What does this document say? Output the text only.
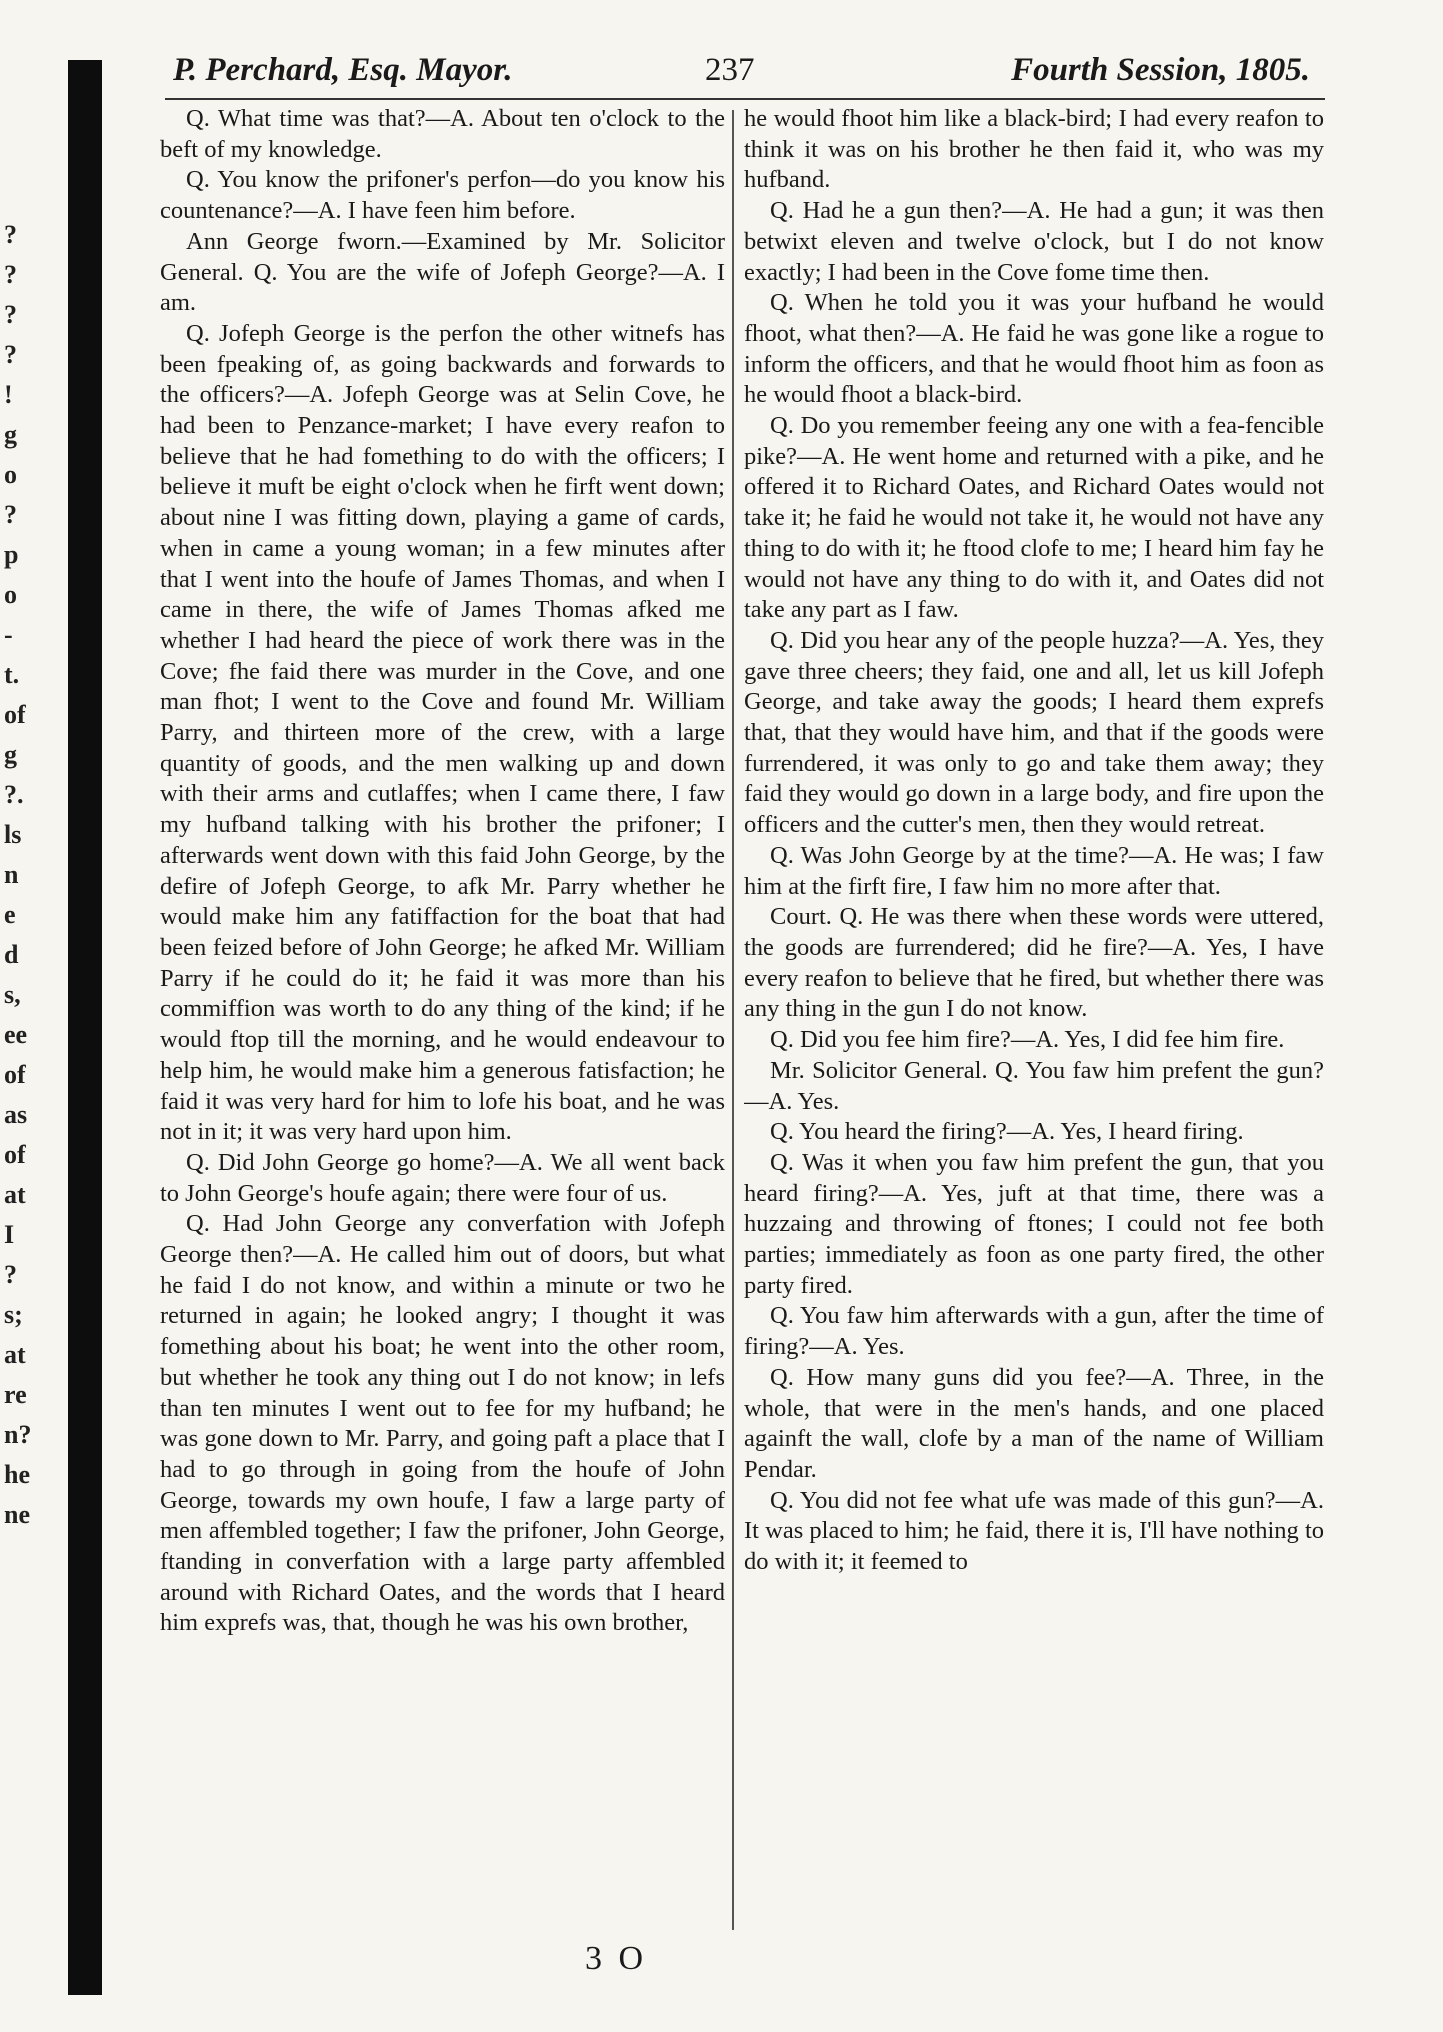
?
?
?
?
!
g
o
?
p
o
-
t.
of
g
?.
ls
n
e
d
s,
ee
of
as
of
at
I
?
s;
at
re
n?
he
ne
P. Perchard, Esq. Mayor.	237	Fourth Session, 1805.

Q. What time was that?—A. About ten o'clock to the beft of my knowledge.

Q. You know the prifoner's perfon—do you know his countenance?—A. I have feen him before.

Ann George fworn.—Examined by Mr. Solicitor General. Q. You are the wife of Jofeph George?—A. I am.

Q. Jofeph George is the perfon the other witnefs has been fpeaking of, as going backwards and forwards to the officers?—A. Jofeph George was at Selin Cove, he had been to Penzance-market; I have every reafon to believe that he had fomething to do with the officers; I believe it muft be eight o'clock when he firft went down; about nine I was fitting down, playing a game of cards, when in came a young woman; in a few minutes after that I went into the houfe of James Thomas, and when I came in there, the wife of James Thomas afked me whether I had heard the piece of work there was in the Cove; fhe faid there was murder in the Cove, and one man fhot; I went to the Cove and found Mr. William Parry, and thirteen more of the crew, with a large quantity of goods, and the men walking up and down with their arms and cutlaffes; when I came there, I faw my hufband talking with his brother the prifoner; I afterwards went down with this faid John George, by the defire of Jofeph George, to afk Mr. Parry whether he would make him any fatiffaction for the boat that had been feized before of John George; he afked Mr. William Parry if he could do it; he faid it was more than his commiffion was worth to do any thing of the kind; if he would ftop till the morning, and he would endeavour to help him, he would make him a generous fatisfaction; he faid it was very hard for him to lofe his boat, and he was not in it; it was very hard upon him.

Q. Did John George go home?—A. We all went back to John George's houfe again; there were four of us.

Q. Had John George any converfation with Jofeph George then?—A. He called him out of doors, but what he faid I do not know, and within a minute or two he returned in again; he looked angry; I thought it was fomething about his boat; he went into the other room, but whether he took any thing out I do not know; in lefs than ten minutes I went out to fee for my hufband; he was gone down to Mr. Parry, and going paft a place that I had to go through in going from the houfe of John George, towards my own houfe, I faw a large party of men affembled together; I faw the prifoner, John George, ftanding in converfation with a large party affembled around with Richard Oates, and the words that I heard him exprefs was, that, though he was his own brother,

he would fhoot him like a black-bird; I had every reafon to think it was on his brother he then faid it, who was my hufband.

Q. Had he a gun then?—A. He had a gun; it was then betwixt eleven and twelve o'clock, but I do not know exactly; I had been in the Cove fome time then.

Q. When he told you it was your hufband he would fhoot, what then?—A. He faid he was gone like a rogue to inform the officers, and that he would fhoot him as foon as he would fhoot a black-bird.

Q. Do you remember feeing any one with a fea-fencible pike?—A. He went home and returned with a pike, and he offered it to Richard Oates, and Richard Oates would not take it; he faid he would not take it, he would not have any thing to do with it; he ftood clofe to me; I heard him fay he would not have any thing to do with it, and Oates did not take any part as I faw.

Q. Did you hear any of the people huzza?—A. Yes, they gave three cheers; they faid, one and all, let us kill Jofeph George, and take away the goods; I heard them exprefs that, that they would have him, and that if the goods were furrendered, it was only to go and take them away; they faid they would go down in a large body, and fire upon the officers and the cutter's men, then they would retreat.

Q. Was John George by at the time?—A. He was; I faw him at the firft fire, I faw him no more after that.

Court. Q. He was there when these words were uttered, the goods are furrendered; did he fire?—A. Yes, I have every reafon to believe that he fired, but whether there was any thing in the gun I do not know.

Q. Did you fee him fire?—A. Yes, I did fee him fire.

Mr. Solicitor General. Q. You faw him prefent the gun?—A. Yes.

Q. You heard the firing?—A. Yes, I heard firing.

Q. Was it when you faw him prefent the gun, that you heard firing?—A. Yes, juft at that time, there was a huzzaing and throwing of ftones; I could not fee both parties; immediately as foon as one party fired, the other party fired.

Q. You faw him afterwards with a gun, after the time of firing?—A. Yes.

Q. How many guns did you fee?—A. Three, in the whole, that were in the men's hands, and one placed againft the wall, clofe by a man of the name of William Pendar.

Q. You did not fee what ufe was made of this gun?—A. It was placed to him; he faid, there it is, I'll have nothing to do with it; it feemed to

3 O
